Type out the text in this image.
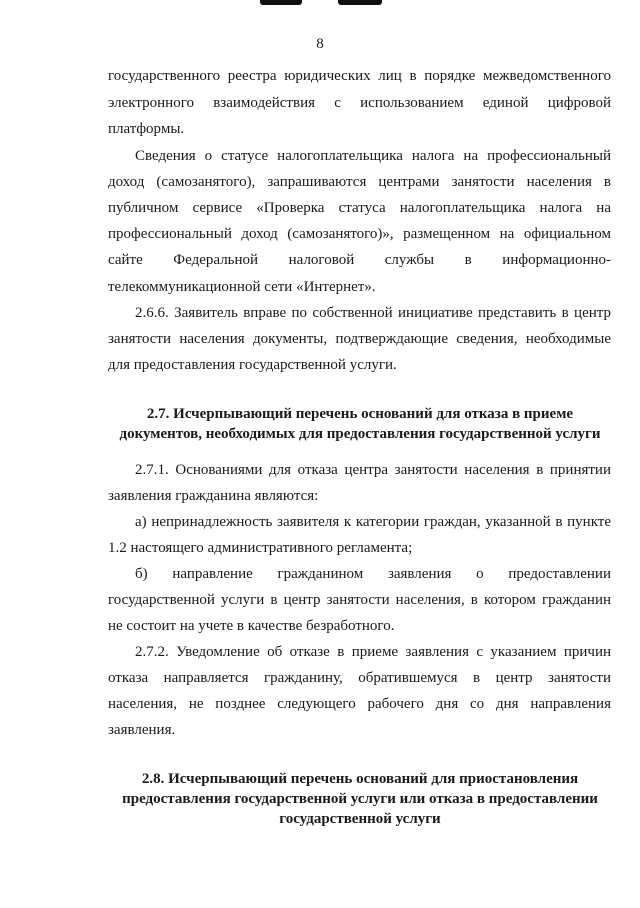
8
государственного реестра юридических лиц в порядке межведомственного
электронного взаимодействия с использованием единой цифровой
платформы.
Сведения о статусе налогоплательщика налога на профессиональный
доход (самозанятого), запрашиваются центрами занятости населения в
публичном сервисе «Проверка статуса налогоплательщика налога на
профессиональный доход (самозанятого)», размещенном на официальном
сайте Федеральной налоговой службы в информационно-
телекоммуникационной сети «Интернет».
2.6.6. Заявитель вправе по собственной инициативе представить в центр
занятости населения документы, подтверждающие сведения, необходимые
для предоставления государственной услуги.
2.7. Исчерпывающий перечень оснований для отказа в приеме
документов, необходимых для предоставления государственной услуги
2.7.1. Основаниями для отказа центра занятости населения в принятии
заявления гражданина являются:
а) непринадлежность заявителя к категории граждан, указанной в пункте
1.2 настоящего административного регламента;
б) направление гражданином заявления о предоставлении
государственной услуги в центр занятости населения, в котором гражданин
не состоит на учете в качестве безработного.
2.7.2. Уведомление об отказе в приеме заявления с указанием причин
отказа направляется гражданину, обратившемуся в центр занятости
населения, не позднее следующего рабочего дня со дня направления
заявления.
2.8. Исчерпывающий перечень оснований для приостановления
предоставления государственной услуги или отказа в предоставлении
государственной услуги
